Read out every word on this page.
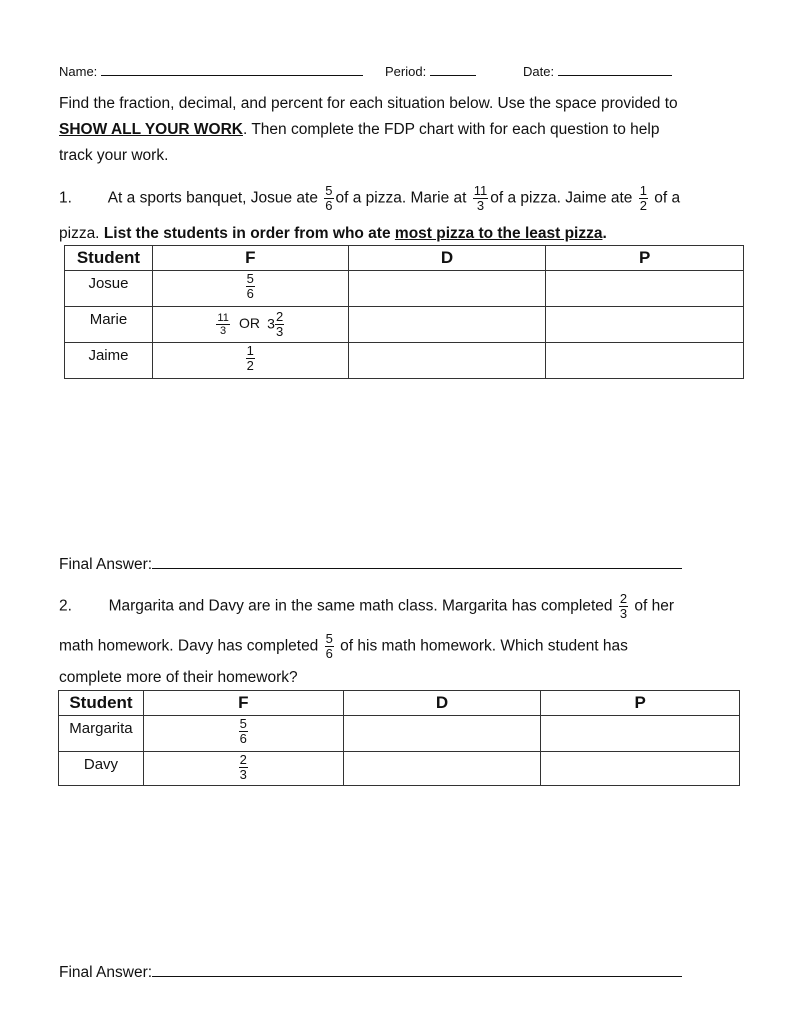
Name:	Period:	Date:
Find the fraction, decimal, and percent for each situation below. Use the space provided to
SHOW ALL YOUR WORK. Then complete the FDP chart with for each question to help
track your work.
1. At a sports banquet, Josue ate $\frac{5}{6}$ of a pizza. Marie at $\frac{11}{3}$ of a pizza. Jaime ate $\frac{1}{2}$ of a
pizza. List the students in order from who ate most pizza to the least pizza.
Student	F	D	P

Josue	$\frac{5}{6}$

Marie	$\frac{11}{3}$ OR $3 \frac{2}{3}$

Jaime	$\frac{1}{2}$

Final Answer:
2. Margarita and Davy are in the same math class. Margarita has completed $\frac{2}{3}$ of her
math homework. Davy has completed $\frac{5}{6}$ of his math homework. Which student has
complete more of their homework?
Student	F	D	P

Margarita	$\frac{5}{6}$

Davy	$\frac{2}{3}$

Final Answer:
